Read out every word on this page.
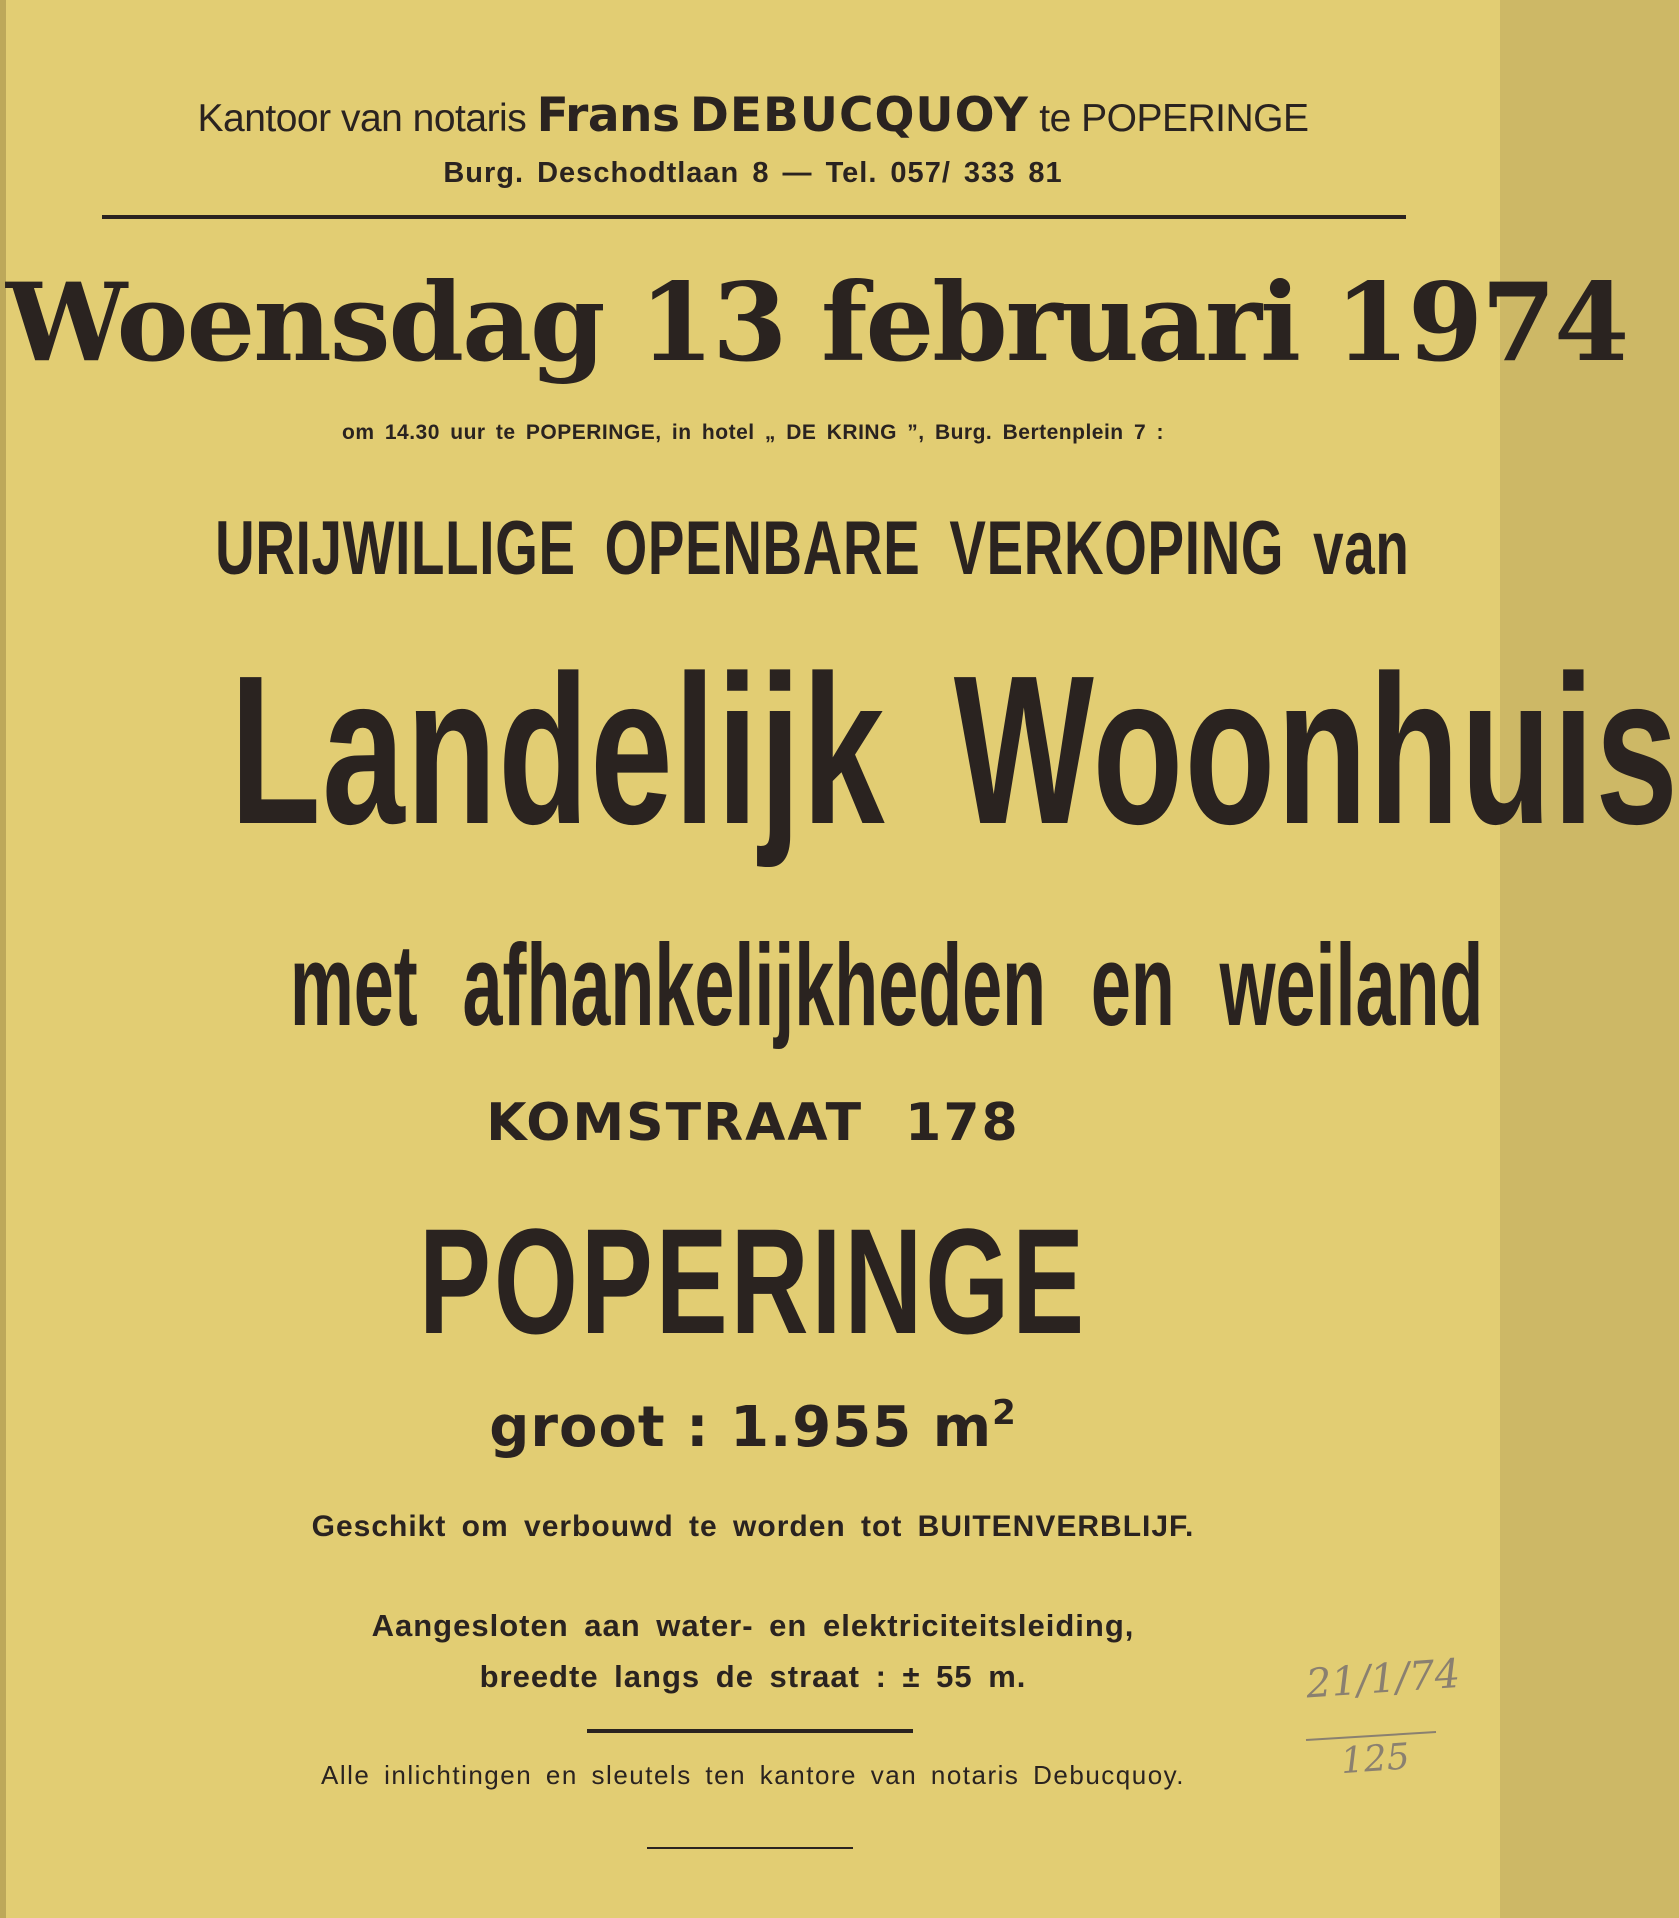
Kantoor van notaris Frans DEBUCQUOY te POPERINGE
Burg. Deschodtlaan 8 — Tel. 057/ 333 81
Woensdag 13 februari 1974
om 14.30 uur te POPERINGE, in hotel „ DE KRING ”, Burg. Bertenplein 7 :
URIJWILLIGE OPENBARE VERKOPING van
Landelijk Woonhuis
met afhankelijkheden en weiland
KOMSTRAAT 178
POPERINGE
groot : 1.955 $m^2$
Geschikt om verbouwd te worden tot BUITENVERBLIJF.
Aangesloten aan water- en elektriciteitsleiding,
breedte langs de straat : ± 55 m.
Alle inlichtingen en sleutels ten kantore van notaris Debucquoy.
21/1/74
125
